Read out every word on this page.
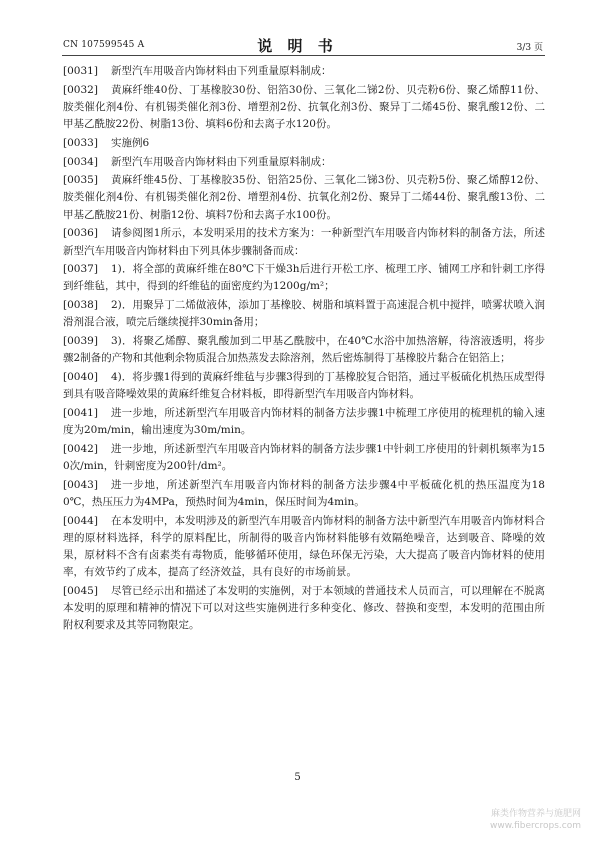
CN 107599545 A	说 明 书	3/3 页
[0031]	新型汽车用吸音内饰材料由下列重量原料制成：
[0032]	黄麻纤维40份、丁基橡胶30份、铝箔30份、三氧化二锑2份、贝壳粉6份、聚乙烯醇11份、胺类催化剂4份、有机锡类催化剂3份、增塑剂2份、抗氧化剂3份、聚异丁二烯45份、聚乳酸12份、二甲基乙酰胺22份、树脂13份、填料6份和去离子水120份。
[0033]	实施例6
[0034]	新型汽车用吸音内饰材料由下列重量原料制成：
[0035]	黄麻纤维45份、丁基橡胶35份、铝箔25份、三氧化二锑3份、贝壳粉5份、聚乙烯醇12份、胺类催化剂4份、有机锡类催化剂2份、增塑剂4份、抗氧化剂2份、聚异丁二烯44份、聚乳酸13份、二甲基乙酰胺21份、树脂12份、填料7份和去离子水100份。
[0036]	请参阅图1所示，本发明采用的技术方案为：一种新型汽车用吸音内饰材料的制备方法，所述新型汽车用吸音内饰材料由下列具体步骤制备而成：
[0037]	1)．将全部的黄麻纤维在80℃下干燥3h后进行开松工序、梳理工序、铺网工序和针刺工序得到纤维毡，其中，得到的纤维毡的面密度约为1200g/m²；
[0038]	2)．用聚异丁二烯做液体，添加丁基橡胶、树脂和填料置于高速混合机中搅拌，喷雾状喷入润滑剂混合液，喷完后继续搅拌30min备用；
[0039]	3)．将聚乙烯醇、聚乳酸加到二甲基乙酰胺中，在40℃水浴中加热溶解，待溶液透明，将步骤2制备的产物和其他剩余物质混合加热蒸发去除溶剂，然后密炼制得丁基橡胶片黏合在铝箔上；
[0040]	4)．将步骤1得到的黄麻纤维毡与步骤3得到的丁基橡胶复合铝箔，通过平板硫化机热压成型得到具有吸音降噪效果的黄麻纤维复合材料板，即得新型汽车用吸音内饰材料。
[0041]	进一步地，所述新型汽车用吸音内饰材料的制备方法步骤1中梳理工序使用的梳理机的输入速度为20m/min，输出速度为30m/min。
[0042]	进一步地，所述新型汽车用吸音内饰材料的制备方法步骤1中针刺工序使用的针刺机频率为150次/min，针刺密度为200针/dm²。
[0043]	进一步地，所述新型汽车用吸音内饰材料的制备方法步骤4中平板硫化机的热压温度为180℃，热压压力为4MPa，预热时间为4min，保压时间为4min。
[0044]	在本发明中，本发明涉及的新型汽车用吸音内饰材料的制备方法中新型汽车用吸音内饰材料合理的原材料选择，科学的原料配比，所制得的吸音内饰材料能够有效隔绝噪音，达到吸音、降噪的效果，原材料不含有卤素类有毒物质，能够循环使用，绿色环保无污染，大大提高了吸音内饰材料的使用率，有效节约了成本，提高了经济效益，具有良好的市场前景。
[0045]	尽管已经示出和描述了本发明的实施例，对于本领域的普通技术人员而言，可以理解在不脱离本发明的原理和精神的情况下可以对这些实施例进行多种变化、修改、替换和变型，本发明的范围由所附权利要求及其等同物限定。
5
麻类作物营养与施肥网
www.fibercrops.com
